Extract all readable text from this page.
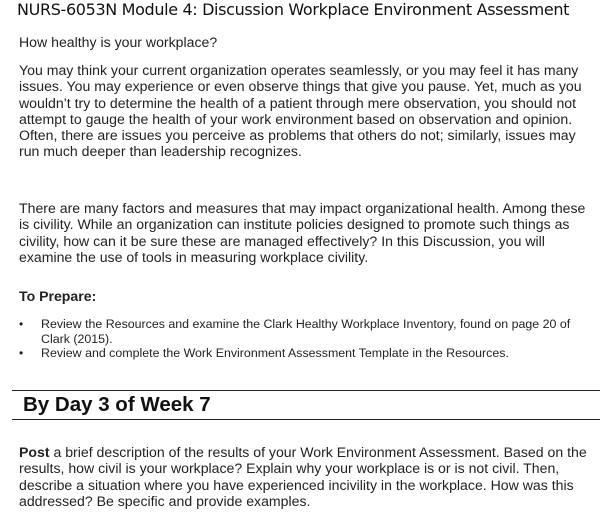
NURS-6053N Module 4: Discussion Workplace Environment Assessment

How healthy is your workplace?

You may think your current organization operates seamlessly, or you may feel it has many issues. You may experience or even observe things that give you pause. Yet, much as you wouldn’t try to determine the health of a patient through mere observation, you should not attempt to gauge the health of your work environment based on observation and opinion. Often, there are issues you perceive as problems that others do not; similarly, issues may run much deeper than leadership recognizes.

There are many factors and measures that may impact organizational health. Among these is civility. While an organization can institute policies designed to promote such things as civility, how can it be sure these are managed effectively? In this Discussion, you will examine the use of tools in measuring workplace civility.

To Prepare:
• Review the Resources and examine the Clark Healthy Workplace Inventory, found on page 20 of Clark (2015).
• Review and complete the Work Environment Assessment Template in the Resources.
By Day 3 of Week 7

Post a brief description of the results of your Work Environment Assessment. Based on the results, how civil is your workplace? Explain why your workplace is or is not civil. Then, describe a situation where you have experienced incivility in the workplace. How was this addressed? Be specific and provide examples.
